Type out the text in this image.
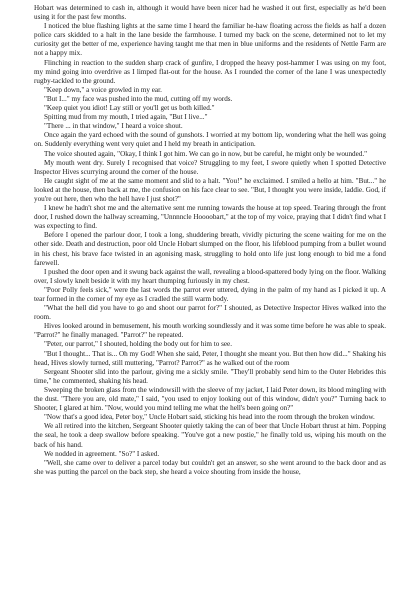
Hobart was determined to cash in, although it would have been nicer had he washed it out first, especially as he'd been using it for the past few months.

I noticed the blue flashing lights at the same time I heard the familiar he-haw floating across the fields as half a dozen police cars skidded to a halt in the lane beside the farmhouse. I turned my back on the scene, determined not to let my curiosity get the better of me, experience having taught me that men in blue uniforms and the residents of Nettle Farm are not a happy mix.

Flinching in reaction to the sudden sharp crack of gunfire, I dropped the heavy post-hammer I was using on my foot, my mind going into overdrive as I limped flat-out for the house. As I rounded the corner of the lane I was unexpectedly rugby-tackled to the ground.

"Keep down," a voice growled in my ear.

"But I..." my face was pushed into the mud, cutting off my words.

"Keep quiet you idiot! Lay still or you'll get us both killed."

Spitting mud from my mouth, I tried again, "But I live..."

"There ... in that window," I heard a voice shout.

Once again the yard echoed with the sound of gunshots. I worried at my bottom lip, wondering what the hell was going on. Suddenly everything went very quiet and I held my breath in anticipation.

The voice shouted again, "Okay, I think I got him. We can go in now, but be careful, he might only be wounded."

My mouth went dry. Surely I recognised that voice? Struggling to my feet, I swore quietly when I spotted Detective Inspector Hives scurrying around the corner of the house.

He caught sight of me at the same moment and slid to a halt. "You!" he exclaimed. I smiled a hello at him. "But..." he looked at the house, then back at me, the confusion on his face clear to see. "But, I thought you were inside, laddie. God, if you're out here, then who the hell have I just shot?"

I knew he hadn't shot me and the alternative sent me running towards the house at top speed. Tearing through the front door, I rushed down the hallway screaming, "Unnnncle Hoooobart," at the top of my voice, praying that I didn't find what I was expecting to find.

Before I opened the parlour door, I took a long, shuddering breath, vividly picturing the scene waiting for me on the other side. Death and destruction, poor old Uncle Hobart slumped on the floor, his lifeblood pumping from a bullet wound in his chest, his brave face twisted in an agonising mask, struggling to hold onto life just long enough to bid me a fond farewell.

I pushed the door open and it swung back against the wall, revealing a blood-spattered body lying on the floor. Walking over, I slowly knelt beside it with my heart thumping furiously in my chest.

"Poor Polly feels sick," were the last words the parrot ever uttered, dying in the palm of my hand as I picked it up. A tear formed in the corner of my eye as I cradled the still warm body.

"What the hell did you have to go and shoot our parrot for?" I shouted, as Detective Inspector Hives walked into the room.

Hives looked around in bemusement, his mouth working soundlessly and it was some time before he was able to speak. "Parrot?" he finally managed. "Parrot?" he repeated.

"Peter, our parrot," I shouted, holding the body out for him to see.

"But I thought... That is... Oh my God! When she said, Peter, I thought she meant you. But then how did..." Shaking his head, Hives slowly turned, still muttering, "Parrot? Parrot?" as he walked out of the room

Sergeant Shooter slid into the parlour, giving me a sickly smile. "They'll probably send him to the Outer Hebrides this time," he commented, shaking his head.

Sweeping the broken glass from the windowsill with the sleeve of my jacket, I laid Peter down, its blood mingling with the dust. "There you are, old mate," I said, "you used to enjoy looking out of this window, didn't you?" Turning back to Shooter, I glared at him. "Now, would you mind telling me what the hell's been going on?"

"Now that's a good idea, Peter boy," Uncle Hobart said, sticking his head into the room through the broken window.

We all retired into the kitchen, Sergeant Shooter quietly taking the can of beer that Uncle Hobart thrust at him. Popping the seal, he took a deep swallow before speaking. "You've got a new postie," he finally told us, wiping his mouth on the back of his hand.

We nodded in agreement. "So?" I asked.

"Well, she came over to deliver a parcel today but couldn't get an answer, so she went around to the back door and as she was putting the parcel on the back step, she heard a voice shouting from inside the house,
